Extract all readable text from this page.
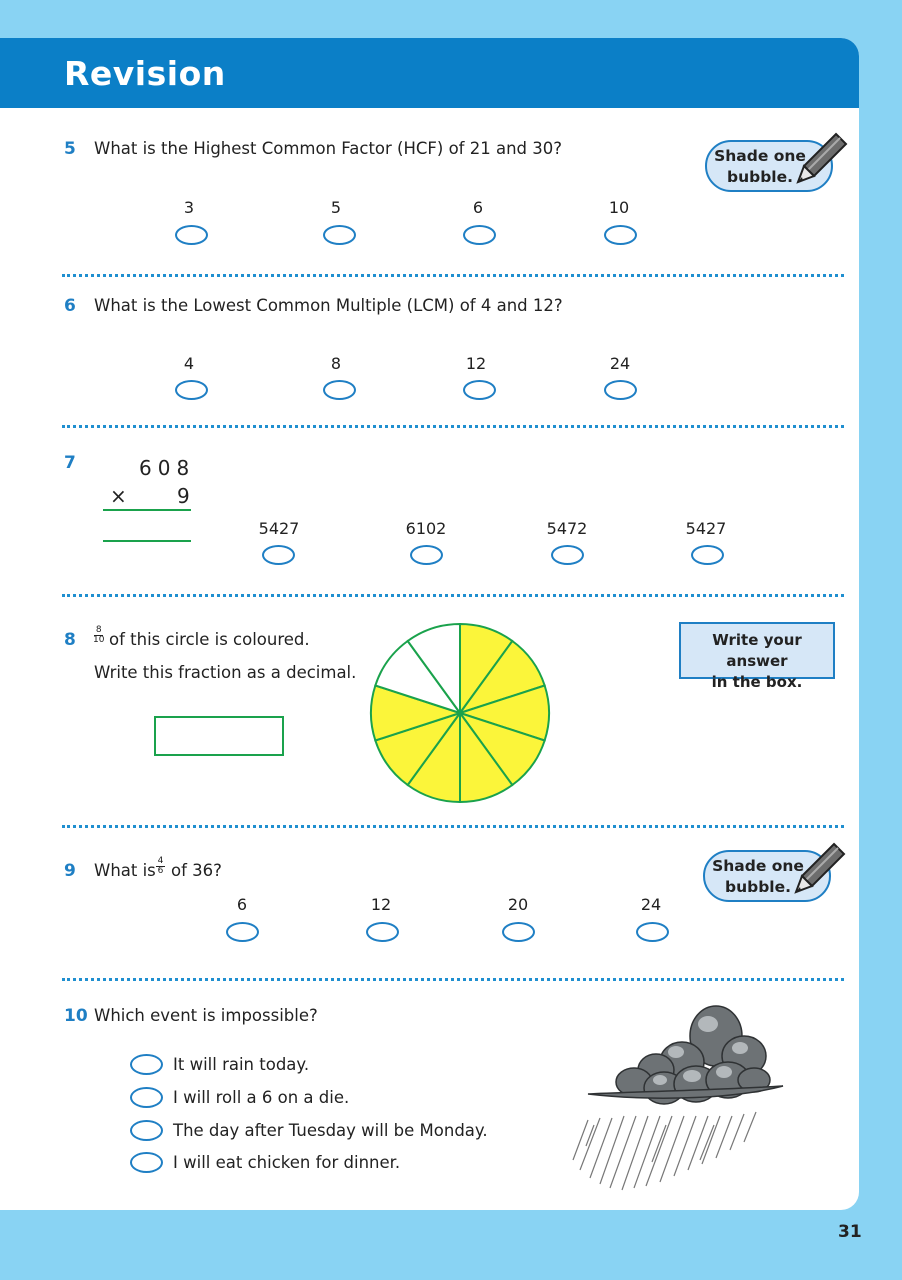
Revision
5 What is the Highest Common Factor (HCF) of 21 and 30?	Shade one
bubble.
3	5	6	10
6 What is the Lowest Common Multiple (LCM) of 4 and 12?
4	8	12	24
7	608
× 9
5427	6102	5472	5427
8 8
10 of this circle is coloured.
Write this fraction as a decimal.
Write your answer
in the box.
9 What is 4
6 of 36?	Shade one
bubble.
6	12	20	24
10 Which event is impossible?
It will rain today.
I will roll a 6 on a die.
The day after Tuesday will be Monday.
I will eat chicken for dinner.
31
